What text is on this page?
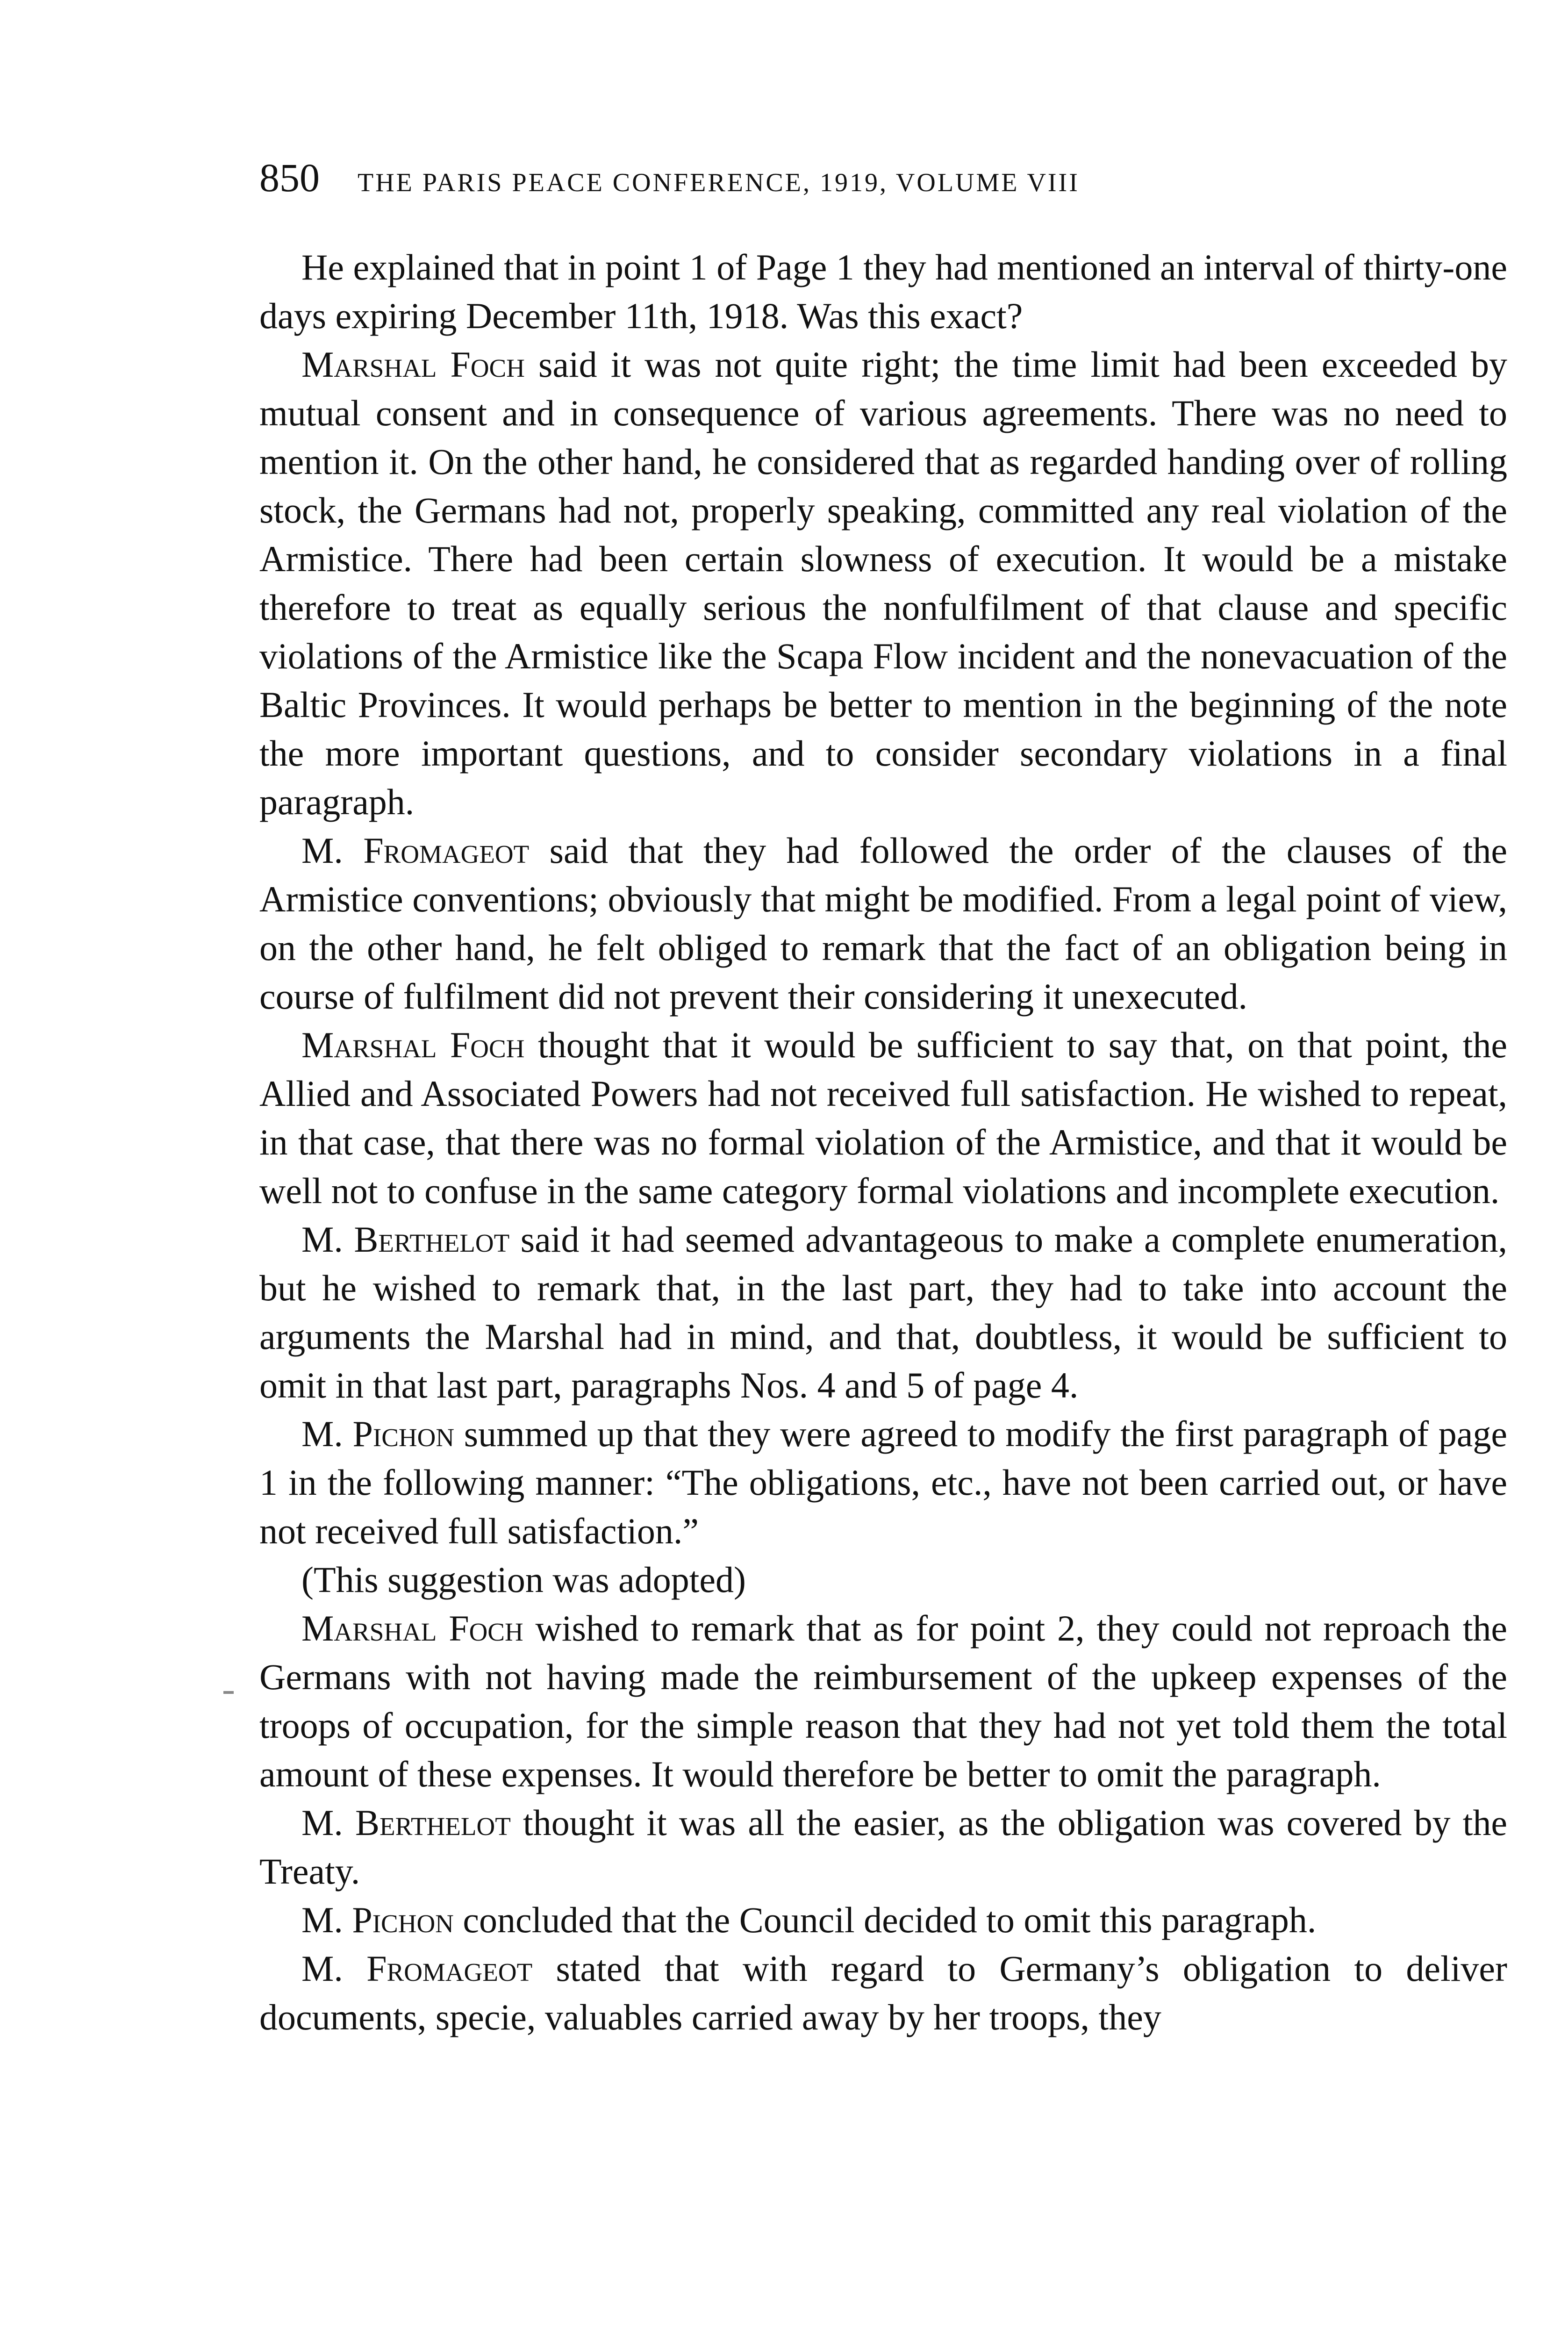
850	THE PARIS PEACE CONFERENCE, 1919, VOLUME VIII

He explained that in point 1 of Page 1 they had mentioned an interval of thirty-one days expiring December 11th, 1918. Was this exact?

Marshal Foch said it was not quite right; the time limit had been exceeded by mutual consent and in consequence of various agreements. There was no need to mention it. On the other hand, he considered that as regarded handing over of rolling stock, the Germans had not, properly speaking, committed any real violation of the Armistice. There had been certain slowness of execution. It would be a mistake therefore to treat as equally serious the nonfulfilment of that clause and specific violations of the Armistice like the Scapa Flow incident and the nonevacuation of the Baltic Provinces. It would perhaps be better to mention in the beginning of the note the more important questions, and to consider secondary violations in a final paragraph.

M. Fromageot said that they had followed the order of the clauses of the Armistice conventions; obviously that might be modified. From a legal point of view, on the other hand, he felt obliged to remark that the fact of an obligation being in course of fulfilment did not prevent their considering it unexecuted.

Marshal Foch thought that it would be sufficient to say that, on that point, the Allied and Associated Powers had not received full satisfaction. He wished to repeat, in that case, that there was no formal violation of the Armistice, and that it would be well not to confuse in the same category formal violations and incomplete execution.

M. Berthelot said it had seemed advantageous to make a complete enumeration, but he wished to remark that, in the last part, they had to take into account the arguments the Marshal had in mind, and that, doubtless, it would be sufficient to omit in that last part, paragraphs Nos. 4 and 5 of page 4.

M. Pichon summed up that they were agreed to modify the first paragraph of page 1 in the following manner: “The obligations, etc., have not been carried out, or have not received full satisfaction.”

(This suggestion was adopted)

Marshal Foch wished to remark that as for point 2, they could not reproach the Germans with not having made the reimbursement of the upkeep expenses of the troops of occupation, for the simple reason that they had not yet told them the total amount of these expenses. It would therefore be better to omit the paragraph.

M. Berthelot thought it was all the easier, as the obligation was covered by the Treaty.

M. Pichon concluded that the Council decided to omit this paragraph.

M. Fromageot stated that with regard to Germany’s obligation to deliver documents, specie, valuables carried away by her troops, they
